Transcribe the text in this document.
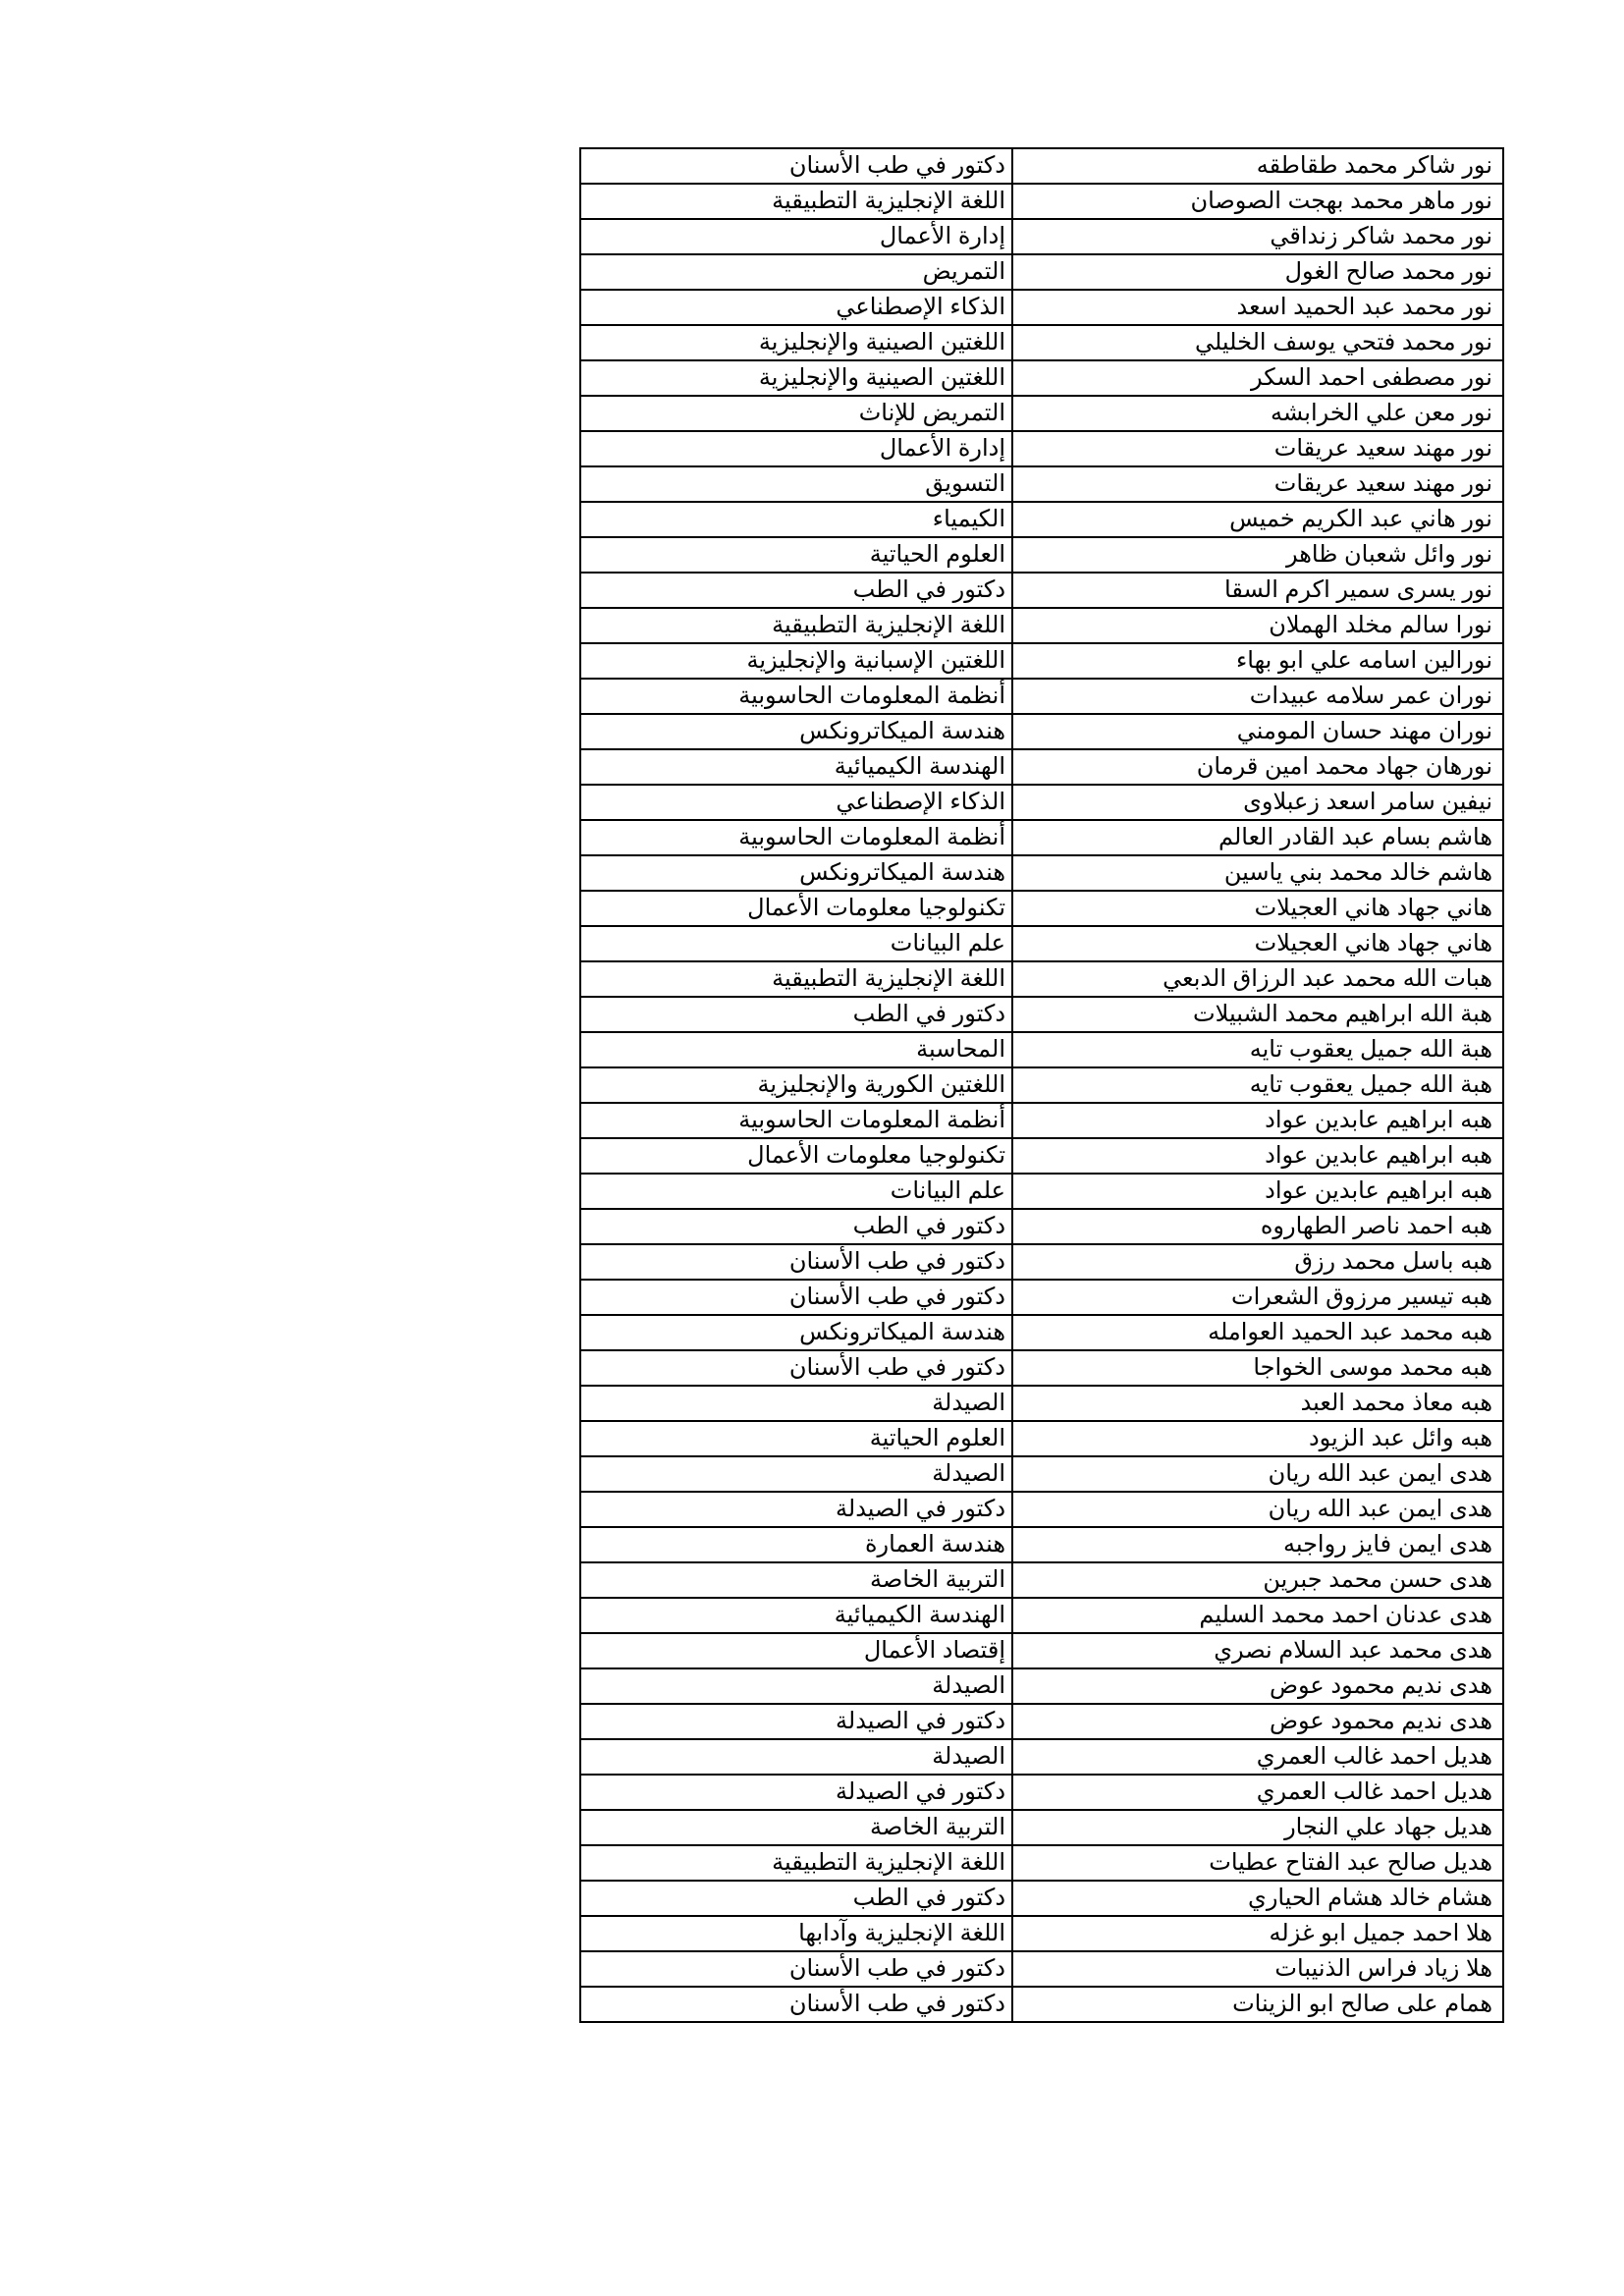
نور شاكر محمد طقاطقه	دكتور في طب الأسنان
نور ماهر محمد بهجت الصوصان	اللغة الإنجليزية التطبيقية
نور محمد شاكر زنداقي	إدارة الأعمال
نور محمد صالح الغول	التمريض
نور محمد عبد الحميد اسعد	الذكاء الإصطناعي
نور محمد فتحي يوسف الخليلي	اللغتين الصينية والإنجليزية
نور مصطفى احمد السكر	اللغتين الصينية والإنجليزية
نور معن علي الخرابشه	التمريض للإناث
نور مهند سعيد عريقات	إدارة الأعمال
نور مهند سعيد عريقات	التسويق
نور هاني عبد الكريم خميس	الكيمياء
نور وائل شعبان ظاهر	العلوم الحياتية
نور يسرى سمير اكرم السقا	دكتور في الطب
نورا سالم مخلد الهملان	اللغة الإنجليزية التطبيقية
نورالين اسامه علي ابو بهاء	اللغتين الإسبانية والإنجليزية
نوران عمر سلامه عبيدات	أنظمة المعلومات الحاسوبية
نوران مهند حسان المومني	هندسة الميكاترونكس
نورهان جهاد محمد امين قرمان	الهندسة الكيميائية
نيفين سامر اسعد زعبلاوى	الذكاء الإصطناعي
هاشم بسام عبد القادر العالم	أنظمة المعلومات الحاسوبية
هاشم خالد محمد بني ياسين	هندسة الميكاترونكس
هاني جهاد هاني العجيلات	تكنولوجيا معلومات الأعمال
هاني جهاد هاني العجيلات	علم البيانات
هبات الله محمد عبد الرزاق الدبعي	اللغة الإنجليزية التطبيقية
هبة الله ابراهيم محمد الشبيلات	دكتور في الطب
هبة الله جميل يعقوب تايه	المحاسبة
هبة الله جميل يعقوب تايه	اللغتين الكورية والإنجليزية
هبه ابراهيم عابدين عواد	أنظمة المعلومات الحاسوبية
هبه ابراهيم عابدين عواد	تكنولوجيا معلومات الأعمال
هبه ابراهيم عابدين عواد	علم البيانات
هبه احمد ناصر الطهاروه	دكتور في الطب
هبه باسل محمد رزق	دكتور في طب الأسنان
هبه تيسير مرزوق الشعرات	دكتور في طب الأسنان
هبه محمد عبد الحميد العوامله	هندسة الميكاترونكس
هبه محمد موسى الخواجا	دكتور في طب الأسنان
هبه معاذ محمد العبد	الصيدلة
هبه وائل عبد الزيود	العلوم الحياتية
هدى ايمن عبد الله ريان	الصيدلة
هدى ايمن عبد الله ريان	دكتور في الصيدلة
هدى ايمن فايز رواجبه	هندسة العمارة
هدى حسن محمد جبرين	التربية الخاصة
هدى عدنان احمد محمد السليم	الهندسة الكيميائية
هدى محمد عبد السلام نصري	إقتصاد الأعمال
هدى نديم محمود عوض	الصيدلة
هدى نديم محمود عوض	دكتور في الصيدلة
هديل احمد غالب العمري	الصيدلة
هديل احمد غالب العمري	دكتور في الصيدلة
هديل جهاد علي النجار	التربية الخاصة
هديل صالح عبد الفتاح عطيات	اللغة الإنجليزية التطبيقية
هشام خالد هشام الحياري	دكتور في الطب
هلا احمد جميل ابو غزله	اللغة الإنجليزية وآدابها
هلا زياد فراس الذنيبات	دكتور في طب الأسنان
همام على صالح ابو الزينات	دكتور في طب الأسنان
